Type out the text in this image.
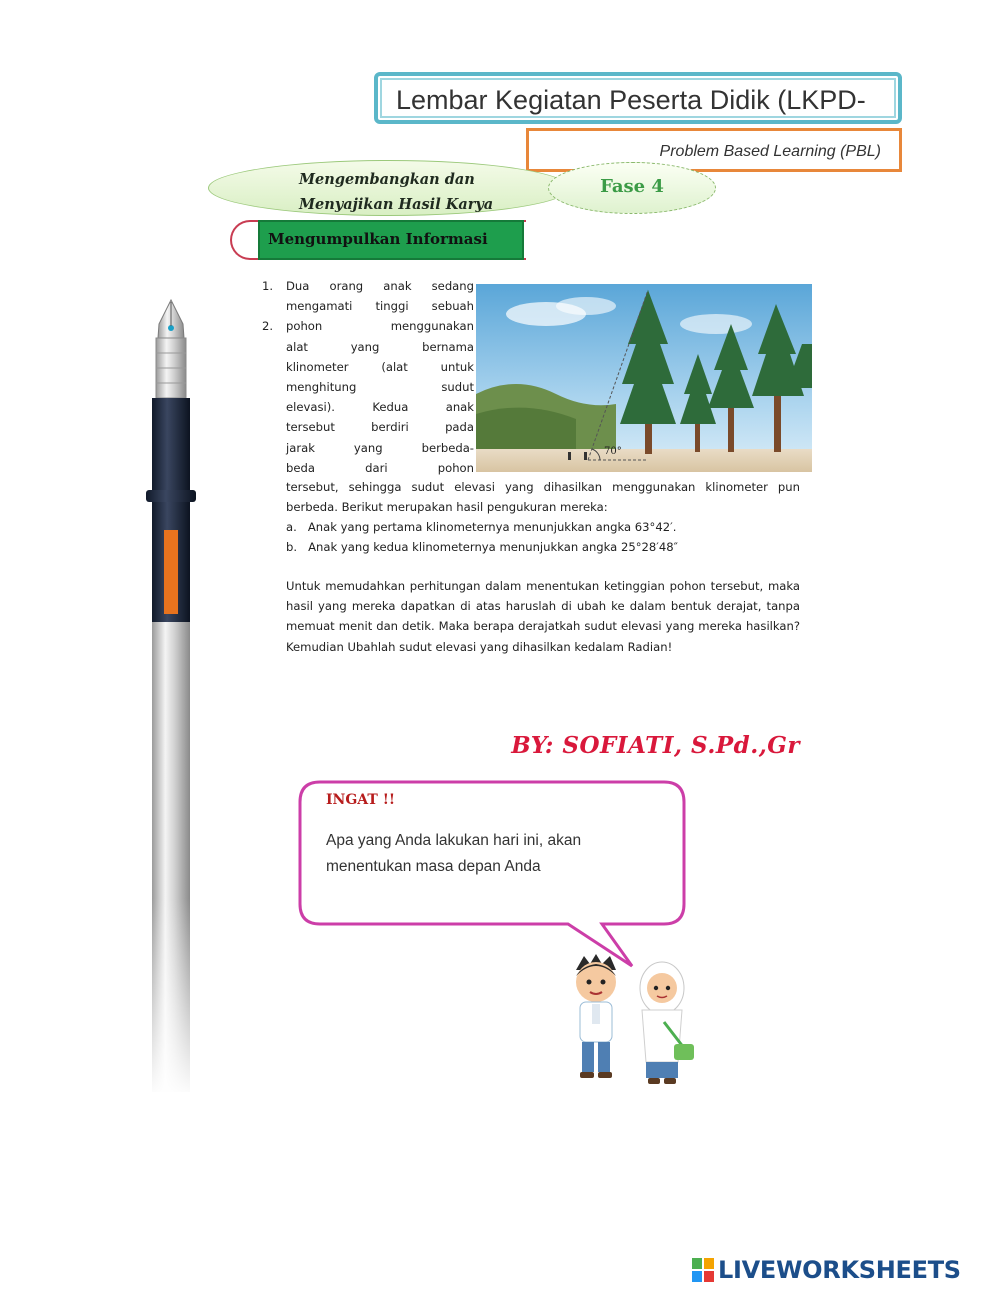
Lembar Kegiatan Peserta Didik (LKPD-
Problem Based Learning (PBL)
Mengembangkan dan
Menyajikan Hasil Karya
Fase 4
Mengumpulkan Informasi
1.	Dua orang anak sedang
mengamati tinggi sebuah
2.	pohon menggunakan
alat yang bernama
klinometer (alat untuk
menghitung sudut
elevasi). Kedua anak
tersebut berdiri pada
jarak yang berbeda-
beda dari pohon
70°
tersebut, sehingga sudut elevasi yang dihasilkan menggunakan klinometer pun berbeda. Berikut merupakan hasil pengukuran mereka:
a. Anak yang pertama klinometernya menunjukkan angka 63°42′.
b. Anak yang kedua klinometernya menunjukkan angka 25°28′48″
Untuk memudahkan perhitungan dalam menentukan ketinggian pohon tersebut, maka hasil yang mereka dapatkan di atas haruslah di ubah ke dalam bentuk derajat, tanpa memuat menit dan detik. Maka berapa derajatkah sudut elevasi yang mereka hasilkan? Kemudian Ubahlah sudut elevasi yang dihasilkan kedalam Radian!
BY: SOFIATI, S.Pd.,Gr
INGAT !!
Apa yang Anda lakukan hari ini, akan menentukan masa depan Anda
LIVEWORKSHEETS
